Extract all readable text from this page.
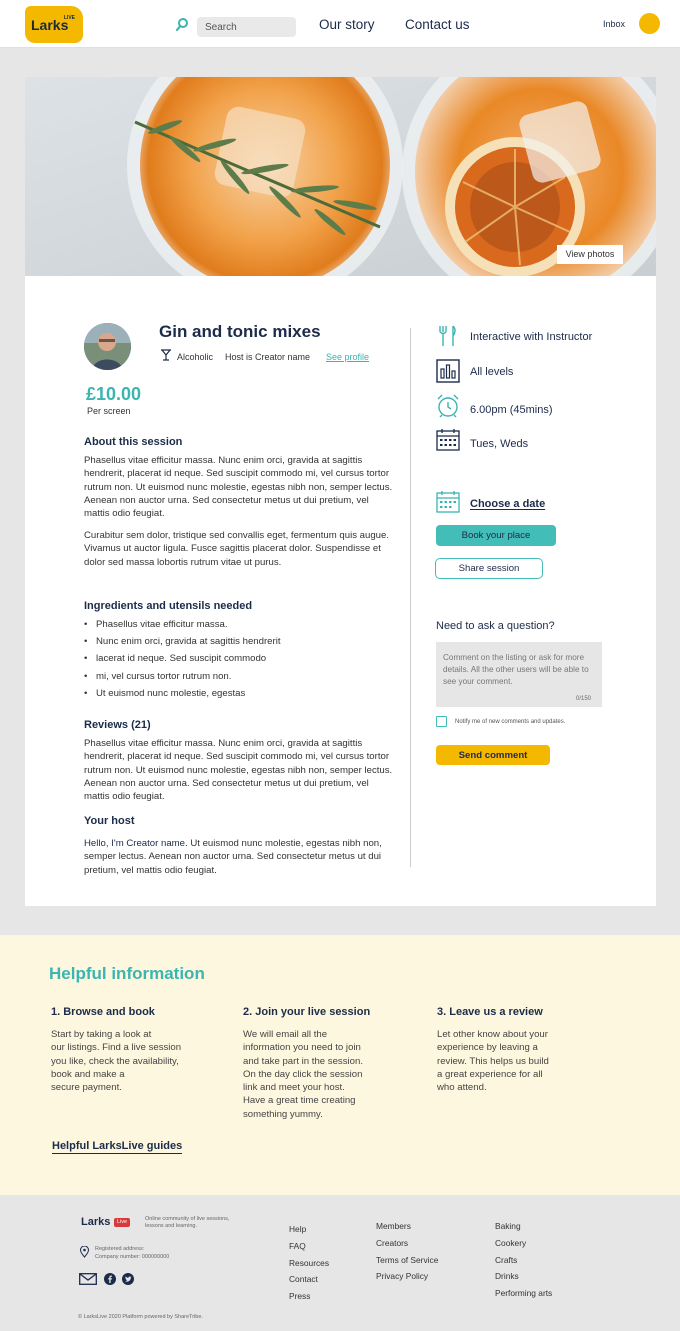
Larks
LIVE
Search	Our story Contact us	Inbox
View photos
Gin and tonic mixes
Alcoholic Host is Creator name See profile
£10.00
Per screen
About this session
Phasellus vitae efficitur massa. Nunc enim orci, gravida at sagittis hendrerit, placerat id neque. Sed suscipit commodo mi, vel cursus tortor rutrum non. Ut euismod nunc molestie, egestas nibh non, semper lectus. Aenean non auctor urna. Sed consectetur metus ut dui pretium, vel mattis odio feugiat.
Curabitur sem dolor, tristique sed convallis eget, fermentum quis augue. Vivamus ut auctor ligula. Fusce sagittis placerat dolor. Suspendisse et dolor sed massa lobortis rutrum vitae ut purus.
Ingredients and utensils needed
• Phasellus vitae efficitur massa.
• Nunc enim orci, gravida at sagittis hendrerit
• lacerat id neque. Sed suscipit commodo
• mi, vel cursus tortor rutrum non.
• Ut euismod nunc molestie, egestas
Reviews (21)
Phasellus vitae efficitur massa. Nunc enim orci, gravida at sagittis hendrerit, placerat id neque. Sed suscipit commodo mi, vel cursus tortor rutrum non. Ut euismod nunc molestie, egestas nibh non, semper lectus. Aenean non auctor urna. Sed consectetur metus ut dui pretium, vel mattis odio feugiat.
Your host
Hello, I'm Creator name. Ut euismod nunc molestie, egestas nibh non, semper lectus. Aenean non auctor urna. Sed consectetur metus ut dui pretium, vel mattis odio feugiat.
Interactive with Instructor
All levels
6.00pm (45mins)
Tues, Weds
Choose a date
Book your place
Share session
Need to ask a question?
Comment on the listing or ask for more details. All the other users will be able to see your comment.
0/150
Notify me of new comments and updates.
Send comment
Helpful information
1. Browse and book
Start by taking a look at
our listings. Find a live session
you like, check the availability,
book and make a
secure payment.
2. Join your live session
We will email all the
information you need to join
and take part in the session.
On the day click the session
link and meet your host.
Have a great time creating
something yummy.
3. Leave us a review
Let other know about your
experience by leaving a
review. This helps us build
a great experience for all
who attend.
Helpful LarksLive guides
Larks	Live	Online community of live sessions, lessons and learning.
Registered address:
Company number: 000000000
Help
FAQ
Resources
Contact
Press
Members
Creators
Terms of Service
Privacy Policy
Baking
Cookery
Crafts
Drinks
Performing arts
© LarksLive 2020 Platform powered by ShareTribe.
